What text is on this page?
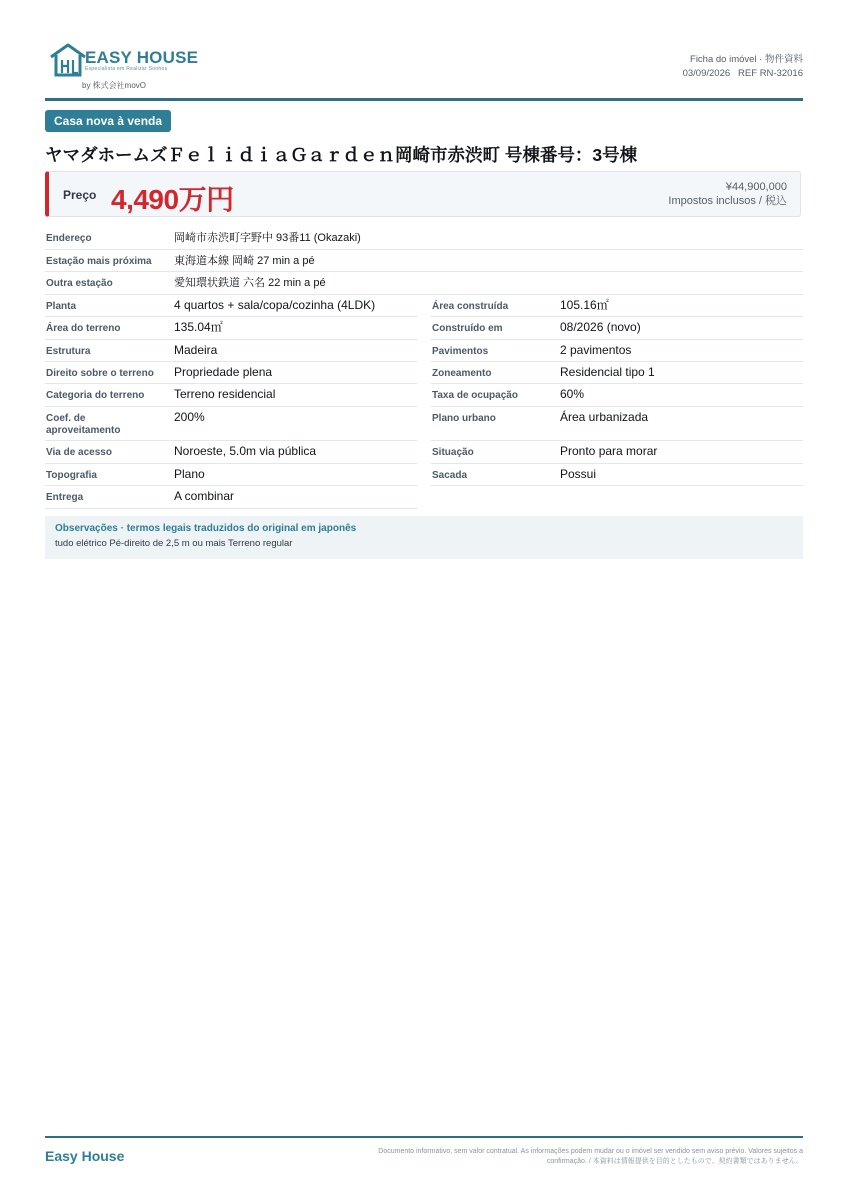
EASY HOUSE
Especialista em Realizar Sonhos
by 株式会社movO
Ficha do imóvel · 物件資料
03/09/2026   REF RN-32016
Casa nova à venda
ヤマダホームズＦｅｌｉｄｉａＧａｒｄｅｎ岡崎市赤渋町 号棟番号：3号棟
Preço 4,490万円	¥44,900,000
Impostos inclusos / 税込
Endereço	岡崎市赤渋町字野中 93番11 (Okazaki)
Estação mais próxima 東海道本線 岡崎 27 min a pé
Outra estação	愛知環状鉄道 六名 22 min a pé
Planta	4 quartos + sala/copa/cozinha (4LDK)	Área construída	105.16㎡
Área do terreno	135.04㎡	Construído em	08/2026 (novo)
Estrutura	Madeira	Pavimentos	2 pavimentos
Direito sobre o terreno Propriedade plena	Zoneamento	Residencial tipo 1
Categoria do terreno Terreno residencial	Taxa de ocupação	60%
Coef. de aproveitamento
200%	Plano urbano	Área urbanizada
Via de acesso	Noroeste, 5.0m via pública	Situação	Pronto para morar
Topografia	Plano	Sacada	Possui
Entrega	A combinar
Observações · termos legais traduzidos do original em japonês
tudo elétrico Pé-direito de 2,5 m ou mais Terreno regular
Easy House	Documento informativo, sem valor contratual. As informações podem mudar ou o imóvel ser vendido sem aviso prévio. Valores sujeitos a confirmação. / 本資料は情報提供を目的としたもので、契約書類ではありません。
